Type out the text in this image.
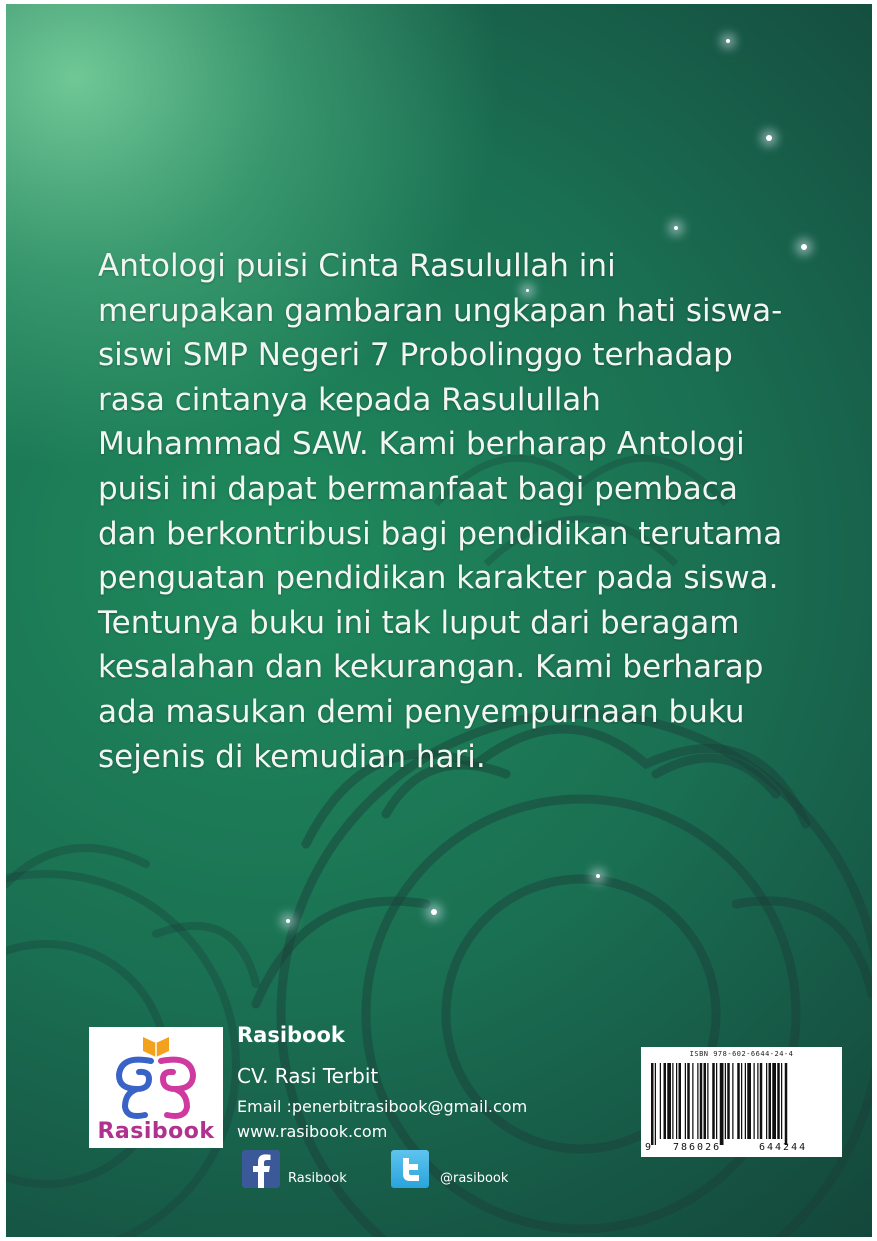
Antologi puisi Cinta Rasulullah ini
merupakan gambaran ungkapan hati siswa-
siswi SMP Negeri 7 Probolinggo terhadap
rasa cintanya kepada Rasulullah
Muhammad SAW. Kami berharap Antologi
puisi ini dapat bermanfaat bagi pembaca
dan berkontribusi bagi pendidikan terutama
penguatan pendidikan karakter pada siswa.
Tentunya buku ini tak luput dari beragam
kesalahan dan kekurangan. Kami berharap
ada masukan demi penyempurnaan buku
sejenis di kemudian hari.

Rasibook
Rasibook
CV. Rasi Terbit
Email :penerbitrasibook@gmail.com
www.rasibook.com
Rasibook	@rasibook
ISBN 978-602-6644-24-4
9 786026	644244
